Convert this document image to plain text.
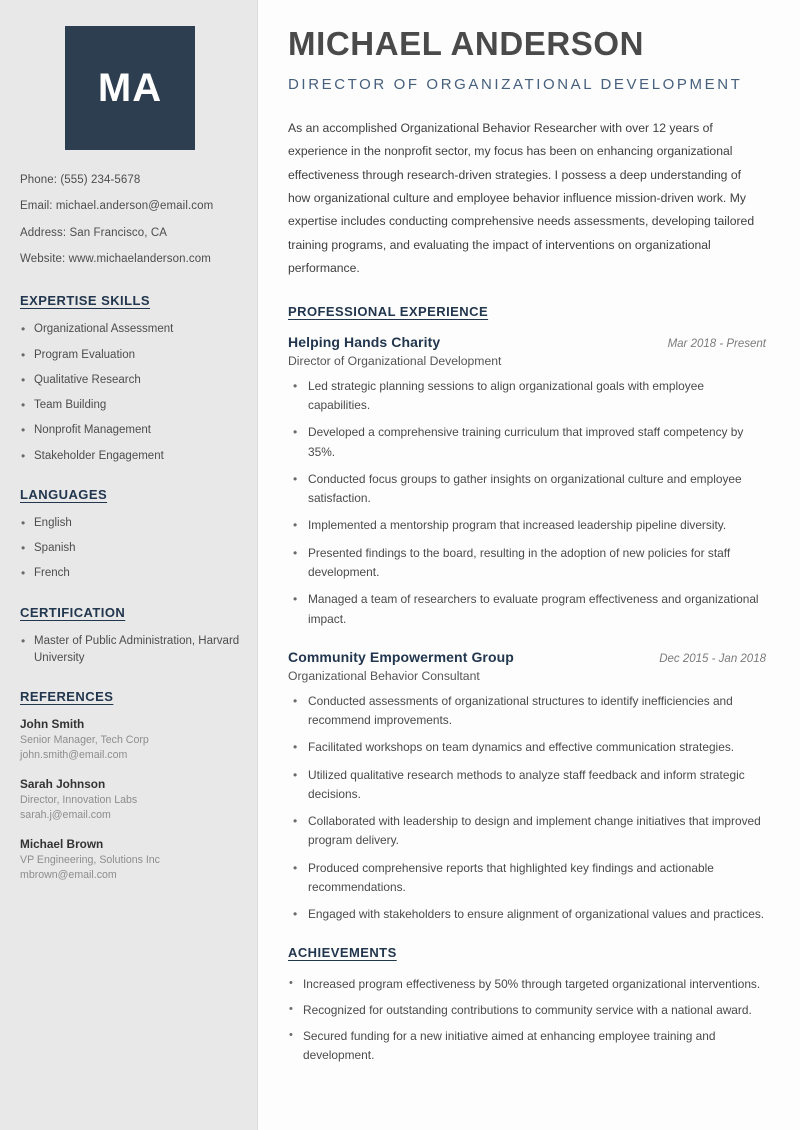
MA
Phone: (555) 234-5678
Email: michael.anderson@email.com
Address: San Francisco, CA
Website: www.michaelanderson.com
EXPERTISE SKILLS
• Organizational Assessment
• Program Evaluation
• Qualitative Research
• Team Building
• Nonprofit Management
• Stakeholder Engagement
LANGUAGES
• English
• Spanish
• French
CERTIFICATION
• Master of Public Administration, Harvard University
REFERENCES
John Smith
Senior Manager, Tech Corp
john.smith@email.com
Sarah Johnson
Director, Innovation Labs
sarah.j@email.com
Michael Brown
VP Engineering, Solutions Inc
mbrown@email.com
MICHAEL ANDERSON
DIRECTOR OF ORGANIZATIONAL DEVELOPMENT

As an accomplished Organizational Behavior Researcher with over 12 years of experience in the nonprofit sector, my focus has been on enhancing organizational effectiveness through research-driven strategies. I possess a deep understanding of how organizational culture and employee behavior influence mission-driven work. My expertise includes conducting comprehensive needs assessments, developing tailored training programs, and evaluating the impact of interventions on organizational performance.

PROFESSIONAL EXPERIENCE
Helping Hands Charity	Mar 2018 - Present
Director of Organizational Development
• Led strategic planning sessions to align organizational goals with employee capabilities.
• Developed a comprehensive training curriculum that improved staff competency by 35%.
• Conducted focus groups to gather insights on organizational culture and employee satisfaction.
• Implemented a mentorship program that increased leadership pipeline diversity.
• Presented findings to the board, resulting in the adoption of new policies for staff development.
• Managed a team of researchers to evaluate program effectiveness and organizational impact.
Community Empowerment Group	Dec 2015 - Jan 2018
Organizational Behavior Consultant
• Conducted assessments of organizational structures to identify inefficiencies and recommend improvements.
• Facilitated workshops on team dynamics and effective communication strategies.
• Utilized qualitative research methods to analyze staff feedback and inform strategic decisions.
• Collaborated with leadership to design and implement change initiatives that improved program delivery.
• Produced comprehensive reports that highlighted key findings and actionable recommendations.
• Engaged with stakeholders to ensure alignment of organizational values and practices.
ACHIEVEMENTS
• Increased program effectiveness by 50% through targeted organizational interventions.
• Recognized for outstanding contributions to community service with a national award.
• Secured funding for a new initiative aimed at enhancing employee training and development.
